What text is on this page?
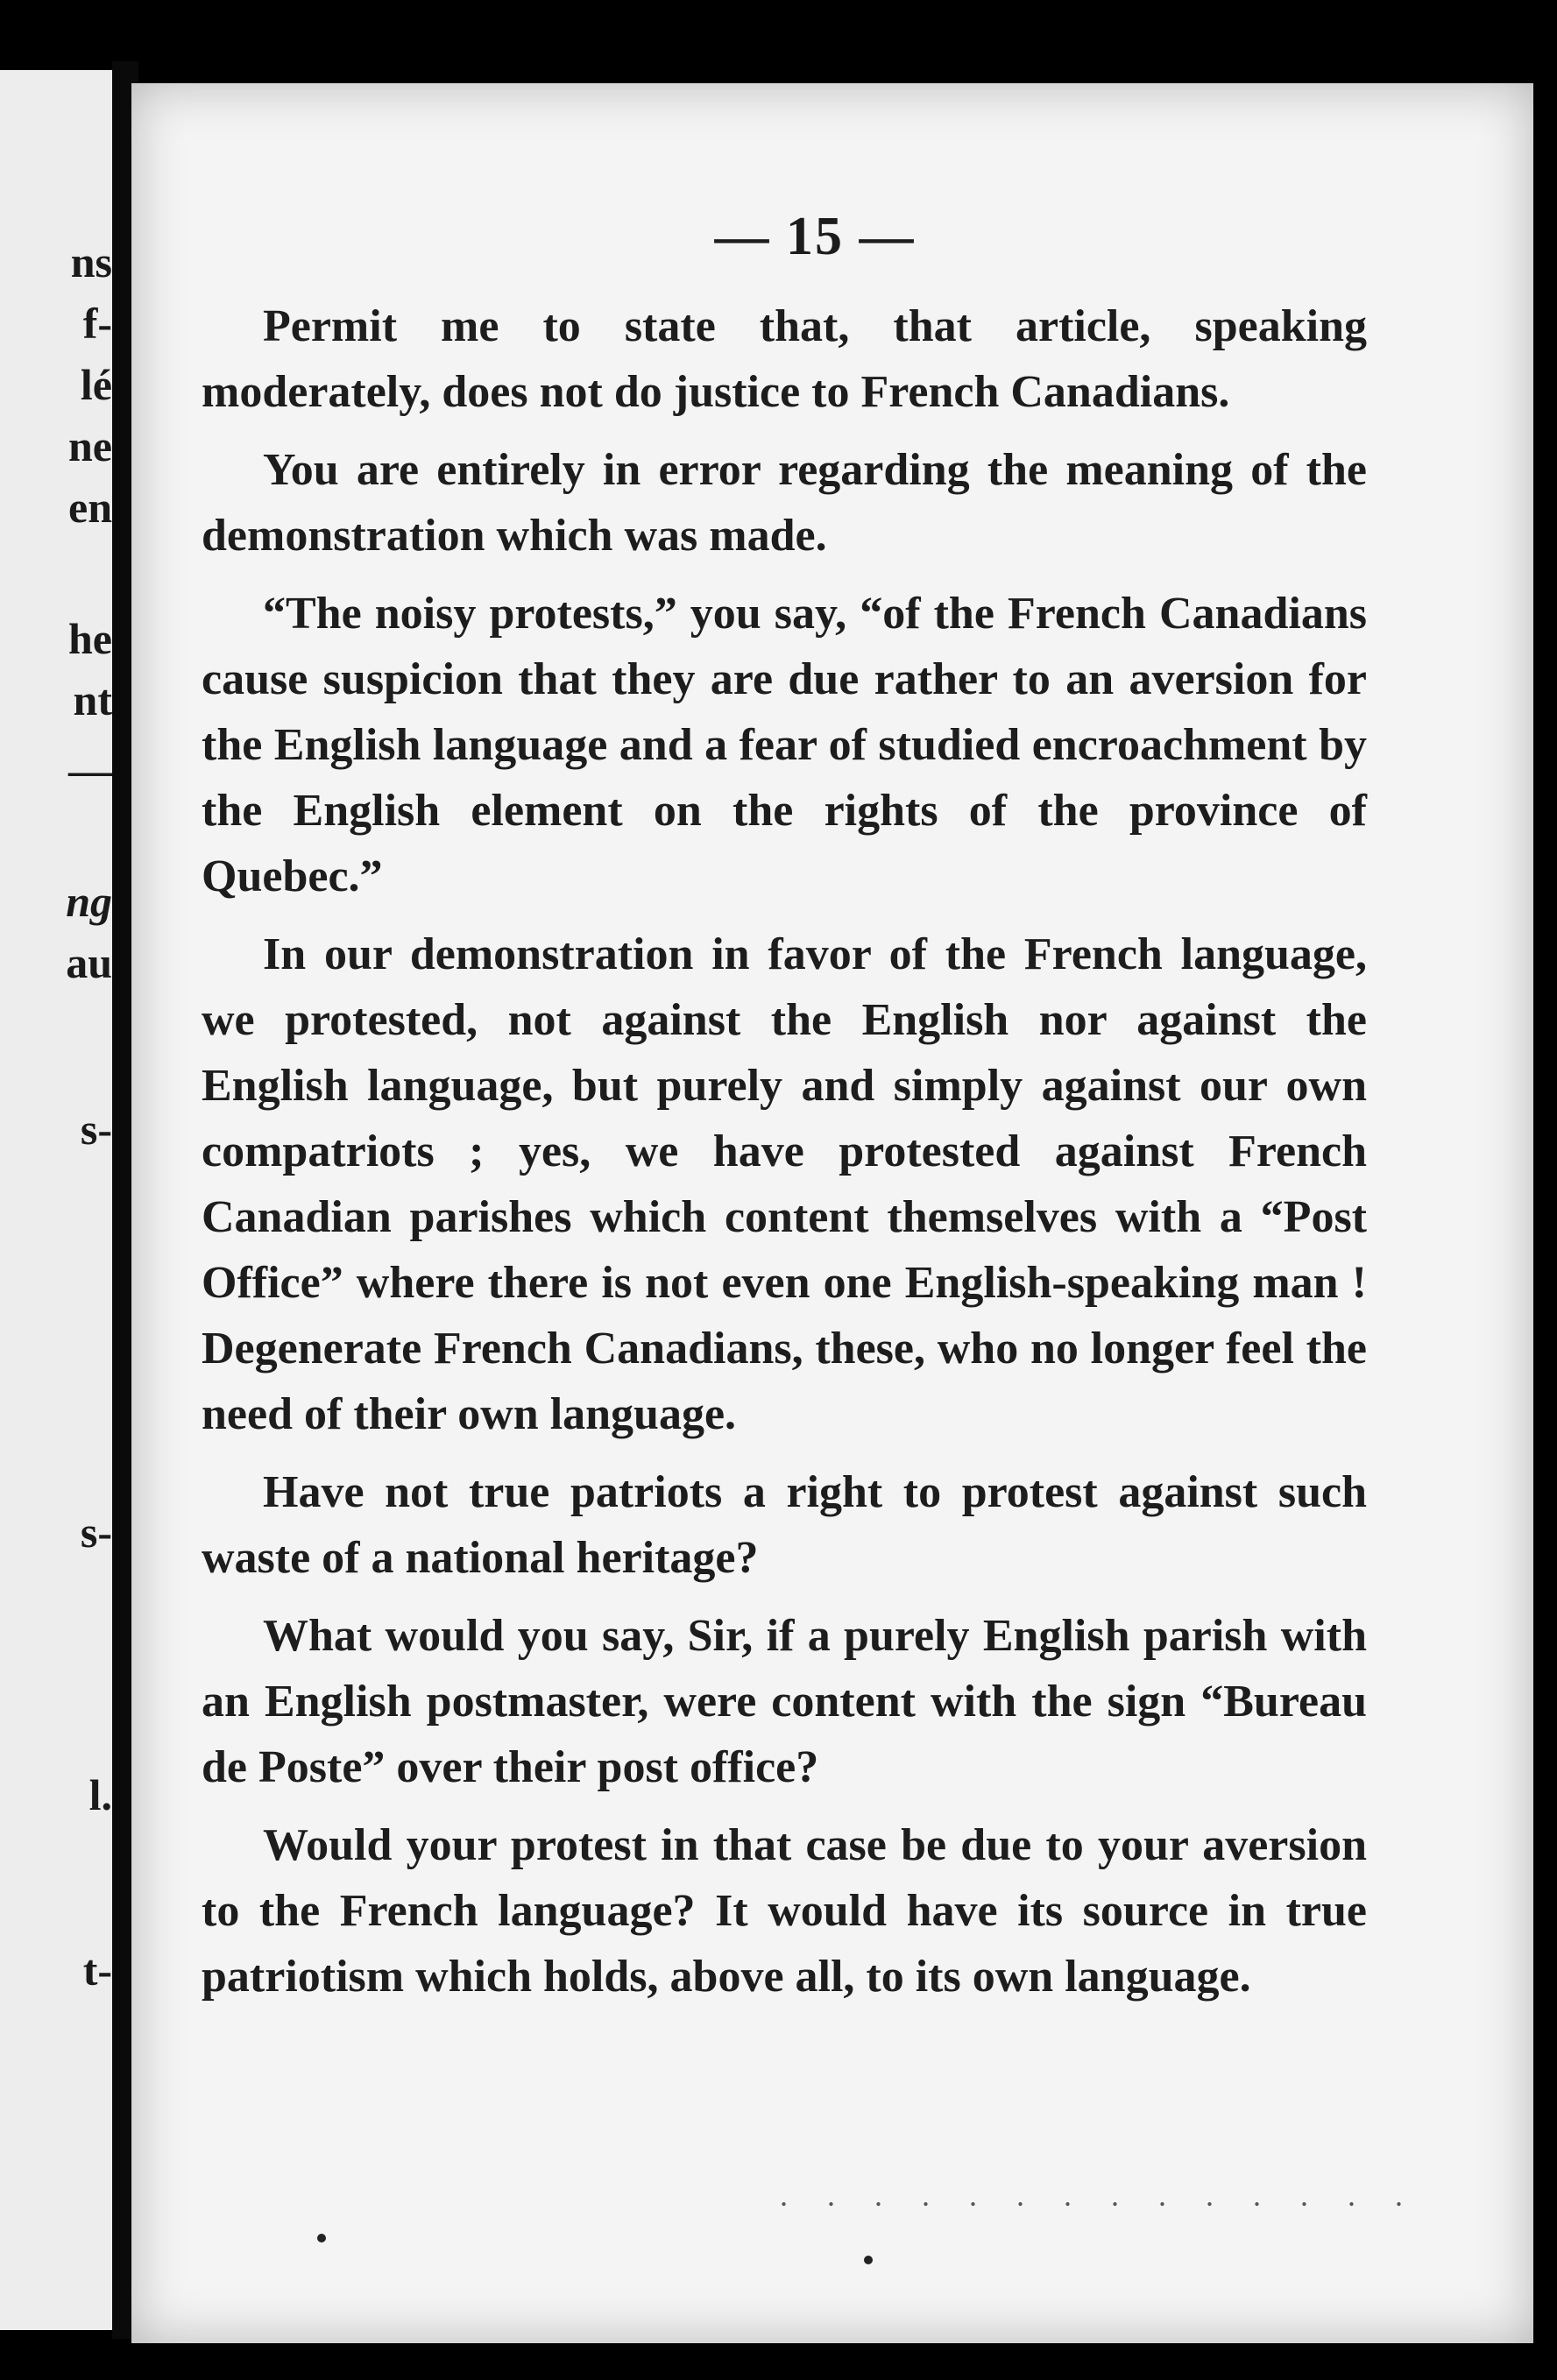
ns
f-
lé
ne
en
he
nt
—
ng
au
s-
s-
l.
t-
— 15 —

Permit me to state that, that article, speaking moderately, does not do justice to French Canadians.

You are entirely in error regarding the meaning of the demonstration which was made.

“The noisy protests,” you say, “of the French Canadians cause suspicion that they are due rather to an aversion for the English language and a fear of studied encroachment by the English element on the rights of the province of Quebec.”

In our demonstration in favor of the French language, we protested, not against the English nor against the English language, but purely and simply against our own compatriots ; yes, we have protested against French Canadian parishes which content themselves with a “Post Office” where there is not even one English-speaking man ! Degenerate French Canadians, these, who no longer feel the need of their own language.

Have not true patriots a right to protest against such waste of a national heritage?

What would you say, Sir, if a purely English parish with an English postmaster, were content with the sign “Bureau de Poste” over their post office?

Would your protest in that case be due to your aversion to the French language? It would have its source in true patriotism which holds, above all, to its own language.

. . . . . . . . . . . . . .
